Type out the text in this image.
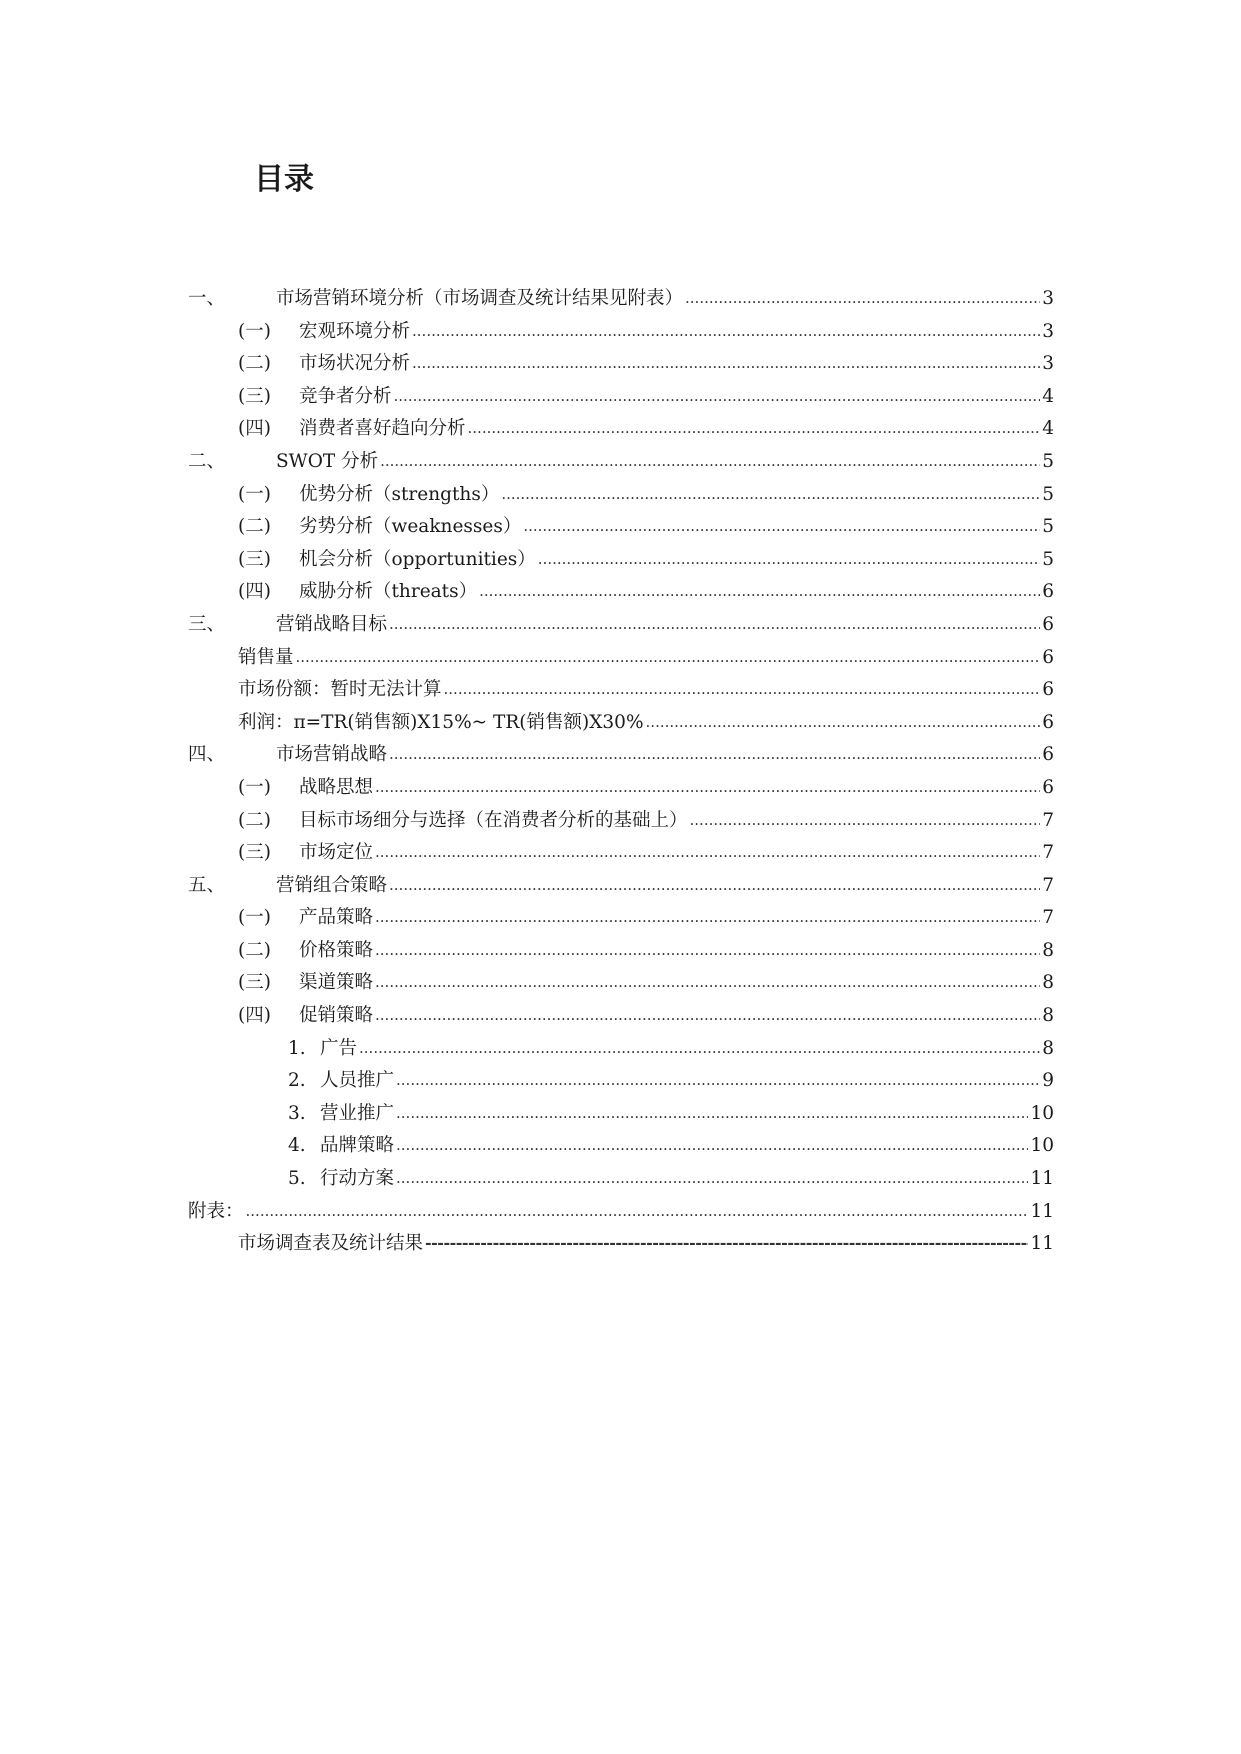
目录
一、	市场营销环境分析（市场调查及统计结果见附表） .....	3
(一)	宏观环境分析 .....	3
(二)	市场状况分析 .....	3
(三)	竞争者分析 .....	4
(四)	消费者喜好趋向分析 .....	4
二、	SWOT 分析 .....	5
(一)	优势分析（strengths） .....	5
(二)	劣势分析（weaknesses） .....	5
(三)	机会分析（opportunities） .....	5
(四)	威胁分析（threats） .....	6
三、	营销战略目标 .....	6
销售量 .....	6
市场份额：暂时无法计算 .....	6
利润：π=TR(销售额)X15%~ TR(销售额)X30% .....	6
四、	市场营销战略 .....	6
(一)	战略思想 .....	6
(二)	目标市场细分与选择（在消费者分析的基础上） .....	7
(三)	市场定位 .....	7
五、	营销组合策略 .....	7
(一)	产品策略 .....	7
(二)	价格策略 .....	8
(三)	渠道策略 .....	8
(四)	促销策略 .....	8
1. 广告 .....	8
2. 人员推广 .....	9
3. 营业推广 .....	10
4. 品牌策略 .....	10
5. 行动方案 .....	11
附表： .....	11
市场调查表及统计结果 -----	11
